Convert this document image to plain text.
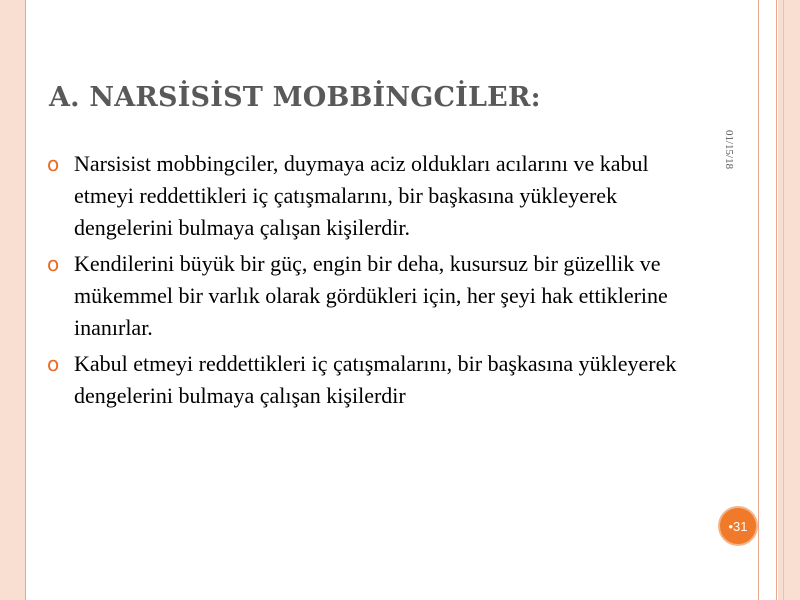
A. NARSİSİST MOBBİNGCİLER:
01/15/18
o Narsisist mobbingciler, duymaya aciz oldukları acılarını ve kabul etmeyi reddettikleri iç çatışmalarını, bir başkasına yükleyerek dengelerini bulmaya çalışan kişilerdir.
o Kendilerini büyük bir güç, engin bir deha, kusursuz bir güzellik ve mükemmel bir varlık olarak gördükleri için, her şeyi hak ettiklerine inanırlar.
o Kabul etmeyi reddettikleri iç çatışmalarını, bir başkasına yükleyerek dengelerini bulmaya çalışan kişilerdir
•31
